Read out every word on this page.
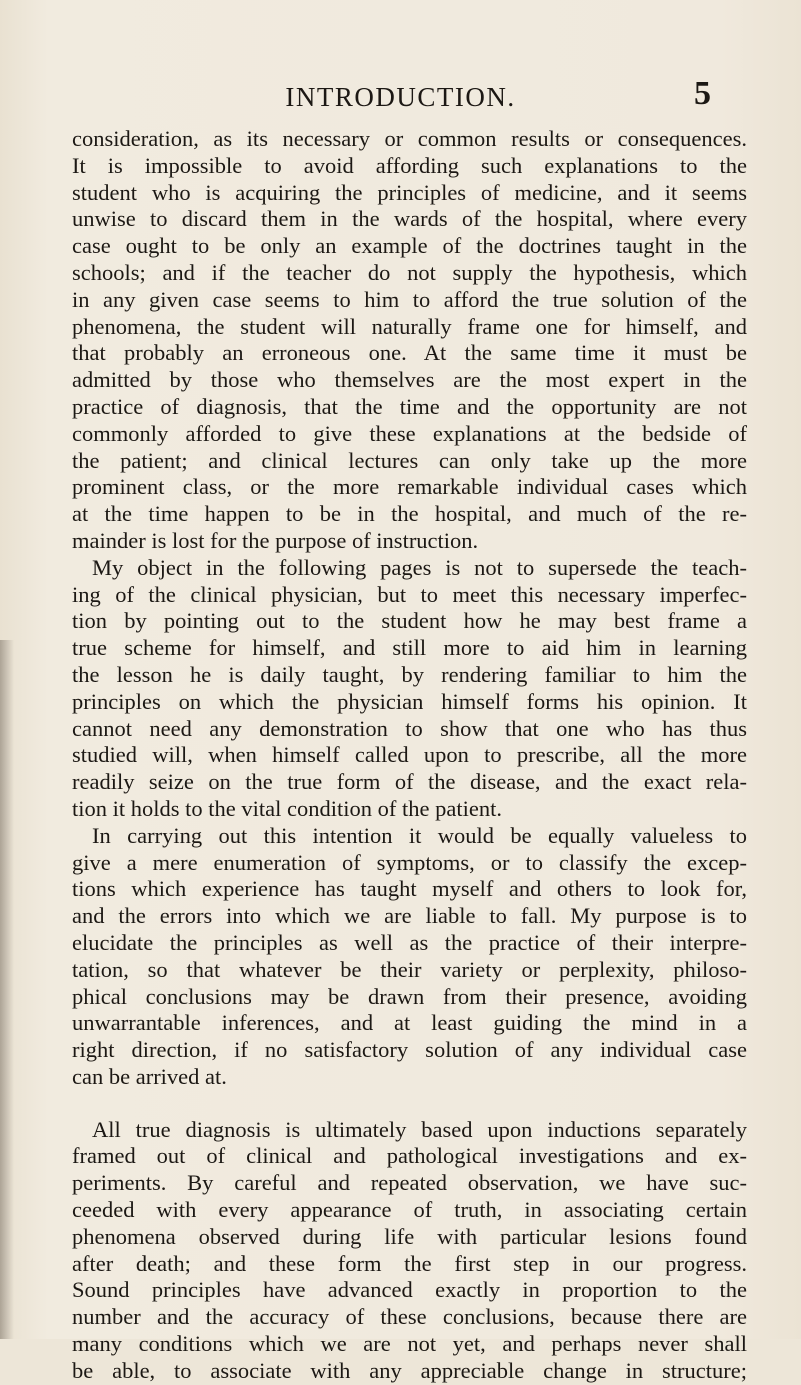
INTRODUCTION.	5
consideration, as its necessary or common results or consequences.
It is impossible to avoid affording such explanations to the
student who is acquiring the principles of medicine, and it seems
unwise to discard them in the wards of the hospital, where every
case ought to be only an example of the doctrines taught in the
schools; and if the teacher do not supply the hypothesis, which
in any given case seems to him to afford the true solution of the
phenomena, the student will naturally frame one for himself, and
that probably an erroneous one. At the same time it must be
admitted by those who themselves are the most expert in the
practice of diagnosis, that the time and the opportunity are not
commonly afforded to give these explanations at the bedside of
the patient; and clinical lectures can only take up the more
prominent class, or the more remarkable individual cases which
at the time happen to be in the hospital, and much of the re-
mainder is lost for the purpose of instruction.
My object in the following pages is not to supersede the teach-
ing of the clinical physician, but to meet this necessary imperfec-
tion by pointing out to the student how he may best frame a
true scheme for himself, and still more to aid him in learning
the lesson he is daily taught, by rendering familiar to him the
principles on which the physician himself forms his opinion. It
cannot need any demonstration to show that one who has thus
studied will, when himself called upon to prescribe, all the more
readily seize on the true form of the disease, and the exact rela-
tion it holds to the vital condition of the patient.
In carrying out this intention it would be equally valueless to
give a mere enumeration of symptoms, or to classify the excep-
tions which experience has taught myself and others to look for,
and the errors into which we are liable to fall. My purpose is to
elucidate the principles as well as the practice of their interpre-
tation, so that whatever be their variety or perplexity, philoso-
phical conclusions may be drawn from their presence, avoiding
unwarrantable inferences, and at least guiding the mind in a
right direction, if no satisfactory solution of any individual case
can be arrived at.
All true diagnosis is ultimately based upon inductions separately
framed out of clinical and pathological investigations and ex-
periments. By careful and repeated observation, we have suc-
ceeded with every appearance of truth, in associating certain
phenomena observed during life with particular lesions found
after death; and these form the first step in our progress.
Sound principles have advanced exactly in proportion to the
number and the accuracy of these conclusions, because there are
many conditions which we are not yet, and perhaps never shall
be able, to associate with any appreciable change in structure;
